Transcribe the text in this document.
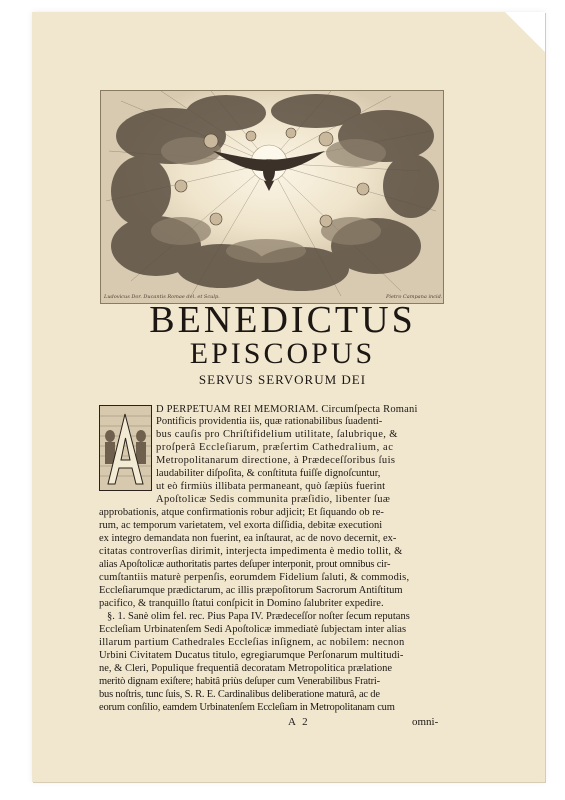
Ludovicus Dor. Ducantis Romae del. et Sculp.	Pietro Campana incid.
BENEDICTUS
EPISCOPUS
SERVUS SERVORUM DEI
D PERPETUAM REI MEMORIAM. Circumſpecta Romani
Pontificis providentia iis, quæ rationabilibus ſuadenti-
bus cauſis pro Chriſtifidelium utilitate, ſalubrique, &
proſperâ Eccleſiarum, præſertim Cathedralium, ac
Metropolitanarum directione, à Prædeceſſoribus ſuis
laudabiliter diſpoſita, & conſtituta fuiſſe dignoſcuntur,
ut eò firmiùs illibata permaneant, quò ſæpiùs fuerint
Apoſtolicæ Sedis communita præſidio, libenter ſuæ
approbationis, atque confirmationis robur adjicit; Et ſiquando ob re-
rum, ac temporum varietatem, vel exorta diſſidia, debitæ executioni
ex integro demandata non fuerint, ea inſtaurat, ac de novo decernit, ex-
citatas controverſias dirimit, interjecta impedimenta è medio tollit, &
alias Apoſtolicæ authoritatis partes deſuper interponit, prout omnibus cir-
cumſtantiis maturè perpenſis, eorumdem Fidelium ſaluti, & commodis,
Eccleſiarumque prædictarum, ac illis præpoſitorum Sacrorum Antiſtitum
pacifico, & tranquillo ſtatui conſpicit in Domino ſalubriter expedire.
§. 1. Sanè olim fel. rec. Pius Papa IV. Prædeceſſor noſter ſecum reputans
Eccleſiam Urbinatenſem Sedi Apoſtolicæ immediatè ſubjectam inter alias
illarum partium Cathedrales Eccleſias inſignem, ac nobilem: necnon
Urbini Civitatem Ducatus titulo, egregiarumque Perſonarum multitudi-
ne, & Cleri, Populique frequentiâ decoratam Metropolitica prælatione
meritò dignam exiſtere; habitâ priùs deſuper cum Venerabilibus Fratri-
bus noſtris, tunc ſuis, S. R. E. Cardinalibus deliberatione maturâ, ac de
eorum conſilio, eamdem Urbinatenſem Eccleſiam in Metropolitanam cum
A 2	omni-
